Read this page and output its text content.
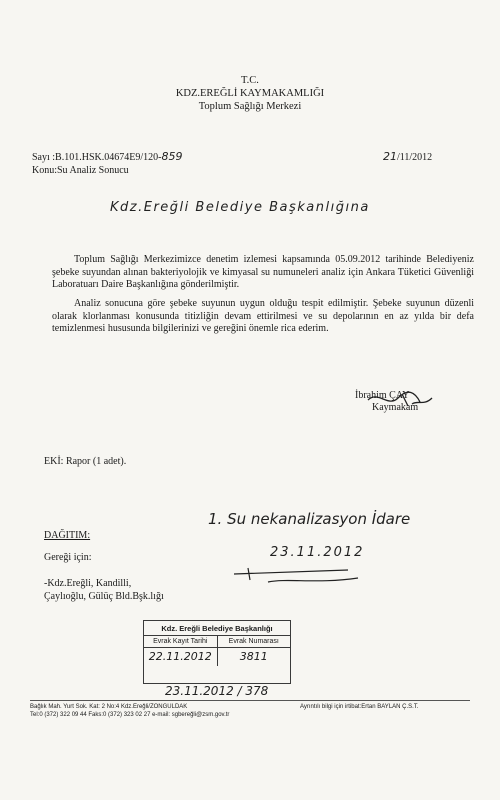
T.C.
KDZ.EREĞLİ KAYMAKAMLIĞI
Toplum Sağlığı Merkezi
Sayı :B.101.HSK.04674E9/120-859
Konu:Su Analiz Sonucu
21/11/2012
Kdz.Ereğli Belediye Başkanlığına
Toplum Sağlığı Merkezimizce denetim izlemesi kapsamında 05.09.2012 tarihinde Belediyeniz şebeke suyundan alınan bakteriyolojik ve kimyasal su numuneleri analiz için Ankara Tüketici Güvenliği Laboratuarı Daire Başkanlığına gönderilmiştir.
Analiz sonucuna göre şebeke suyunun uygun olduğu tespit edilmiştir. Şebeke suyunun düzenli olarak klorlanması konusunda titizliğin devam ettirilmesi ve su depolarının en az yılda bir defa temizlenmesi hususunda bilgilerinizi ve gereğini önemle rica ederim.
İbrahim ÇAY
Kaymakam
EKİ: Rapor (1 adet).
1. Su nekanalizasyon İdare
23.11.2012
DAĞITIM:
Gereği için:
-Kdz.Ereğli, Kandilli,
Çaylıoğlu, Gülüç Bld.Bşk.lığı
Kdz. Ereğli Belediye Başkanlığı
Evrak Kayıt Tarihi	Evrak Numarası
22.11.2012	3811
23.11.2012 / 378
Bağlık Mah. Yurt Sok. Kat: 2 No:4 Kdz.Ereğli/ZONGULDAK	Ayrıntılı bilgi için irtibat:Ertan BAYLAN Ç.S.T.
Tel:0 (372) 322 09 44 Faks:0 (372) 323 02 27 e-mail: sgbereğli@zsm.gov.tr
